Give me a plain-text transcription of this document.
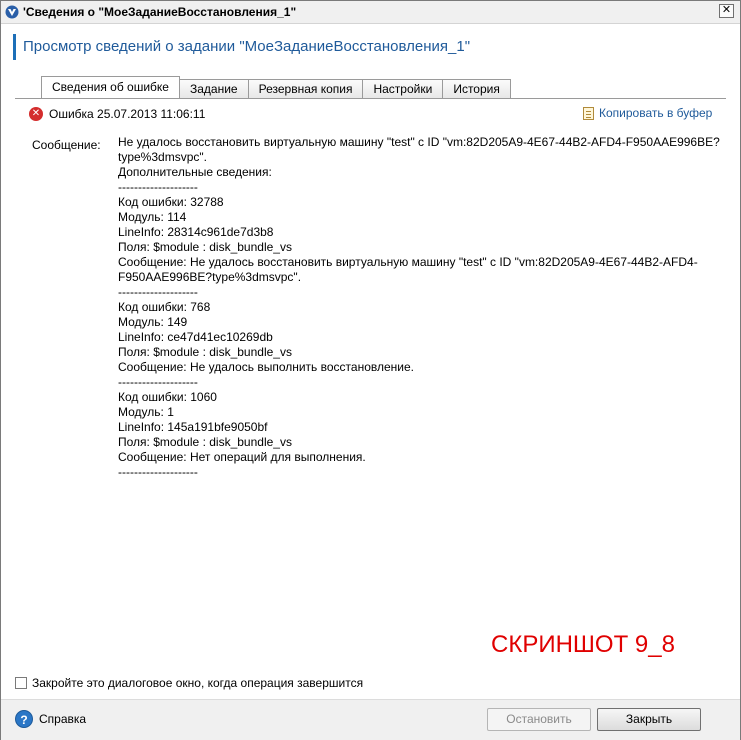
'Сведения о "МоеЗаданиеВосстановления_1"	✕
Просмотр сведений о задании "МоеЗаданиеВосстановления_1"
Сведения об ошибке	Задание	Резервная копия	Настройки	История
✕ Ошибка 25.07.2013 11:06:11	Копировать в буфер
Сообщение: Не удалось восстановить виртуальную машину "test" с ID "vm:82D205A9-4E67-44B2-AFD4-F950AAE996BE?
type%3dmsvpc".
Дополнительные сведения:
--------------------
Код ошибки: 32788
Модуль: 114
LineInfo: 28314c961de7d3b8
Поля: $module : disk_bundle_vs
Сообщение: Не удалось восстановить виртуальную машину "test" с ID "vm:82D205A9-4E67-44B2-AFD4-
F950AAE996BE?type%3dmsvpc".
--------------------
Код ошибки: 768
Модуль: 149
LineInfo: ce47d41ec10269db
Поля: $module : disk_bundle_vs
Сообщение: Не удалось выполнить восстановление.
--------------------
Код ошибки: 1060
Модуль: 1
LineInfo: 145a191bfe9050bf
Поля: $module : disk_bundle_vs
Сообщение: Нет операций для выполнения.
--------------------
СКРИНШОТ 9_8
Закройте это диалоговое окно, когда операция завершится
? Справка	Остановить	Закрыть
